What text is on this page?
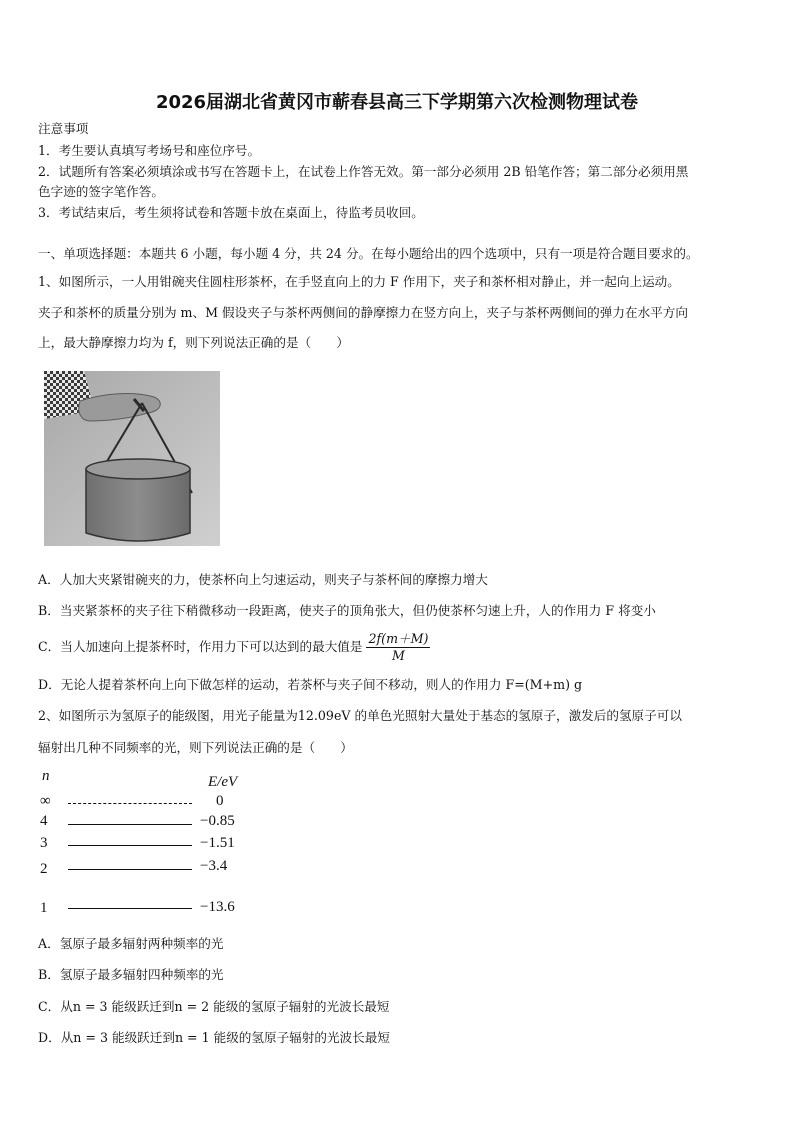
2026届湖北省黄冈市蕲春县高三下学期第六次检测物理试卷
注意事项
1．考生要认真填写考场号和座位序号。
2．试题所有答案必须填涂或书写在答题卡上，在试卷上作答无效。第一部分必须用 2B 铅笔作答；第二部分必须用黑
色字迹的签字笔作答。
3．考试结束后，考生须将试卷和答题卡放在桌面上，待监考员收回。
一、单项选择题：本题共 6 小题，每小题 4 分，共 24 分。在每小题给出的四个选项中，只有一项是符合题目要求的。
1、如图所示，一人用钳碗夹住圆柱形茶杯，在手竖直向上的力 F 作用下，夹子和茶杯相对静止，并一起向上运动。
夹子和茶杯的质量分别为 m、M 假设夹子与茶杯两侧间的静摩擦力在竖方向上，夹子与茶杯两侧间的弹力在水平方向
上，最大静摩擦力均为 f，则下列说法正确的是（　　）
A．人加大夹紧钳碗夹的力，使茶杯向上匀速运动，则夹子与茶杯间的摩擦力增大
B．当夹紧茶杯的夹子往下稍微移动一段距离，使夹子的顶角张大，但仍使茶杯匀速上升，人的作用力 F 将变小
C．当人加速向上提茶杯时，作用力下可以达到的最大值是 $\frac{2f(m+M)}{M}$
D．无论人提着茶杯向上向下做怎样的运动，若茶杯与夹子间不移动，则人的作用力 F=(M+m) g
2、如图所示为氢原子的能级图，用光子能量为12.09eV 的单色光照射大量处于基态的氢原子，激发后的氢原子可以
辐射出几种不同频率的光，则下列说法正确的是（　　）
n	E/eV
∞	0
4	−0.85
3	−1.51
2	−3.4
1	−13.6
A．氢原子最多辐射两种频率的光
B．氢原子最多辐射四种频率的光
C．从n = 3 能级跃迁到n = 2 能级的氢原子辐射的光波长最短
D．从n = 3 能级跃迁到n = 1 能级的氢原子辐射的光波长最短
